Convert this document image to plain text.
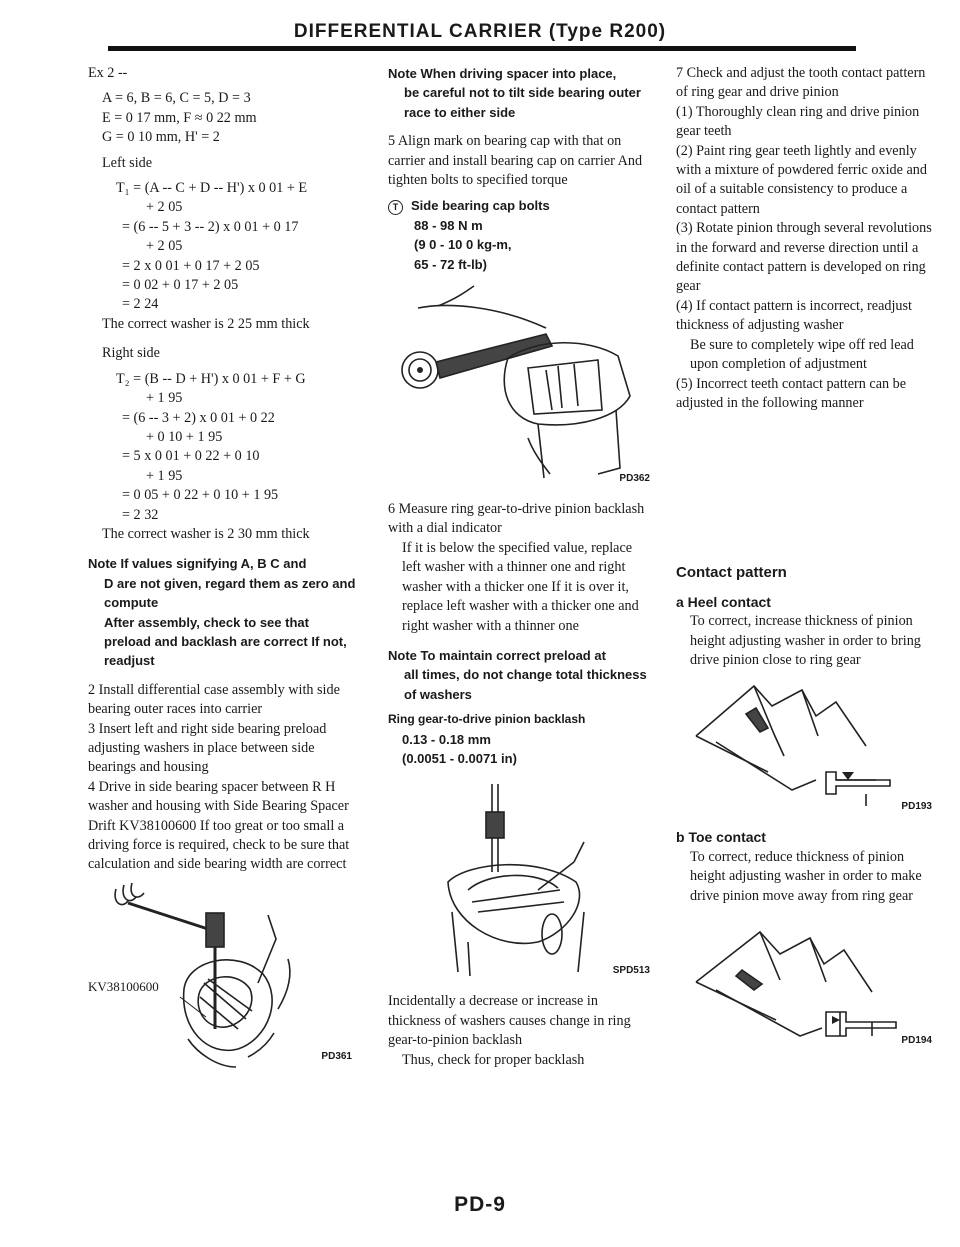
DIFFERENTIAL CARRIER (Type R200)

Ex 2 --

A = 6, B = 6, C = 5, D = 3

E = 0 17 mm, F ≈ 0 22 mm

G = 0 10 mm, H' = 2

Left side

T₁ = (A -- C + D -- H') x 0 01 + E

+ 2 05

= (6 -- 5 + 3 -- 2) x 0 01 + 0 17

+ 2 05

= 2 x 0 01 + 0 17 + 2 05

= 0 02 + 0 17 + 2 05

= 2 24

The correct washer is 2 25 mm thick

Right side

T₂ = (B -- D + H') x 0 01 + F + G

+ 1 95

= (6 -- 3 + 2) x 0 01 + 0 22

+ 0 10 + 1 95

= 5 x 0 01 + 0 22 + 0 10

+ 1 95

= 0 05 + 0 22 + 0 10 + 1 95

= 2 32

The correct washer is 2 30 mm thick

Note If values signifying A, B C and

D are not given, regard them as zero and compute

After assembly, check to see that preload and backlash are correct If not, readjust

2 Install differential case assembly with side bearing outer races into carrier

3 Insert left and right side bearing preload adjusting washers in place between side bearings and housing

4 Drive in side bearing spacer between R H washer and housing with Side Bearing Spacer Drift KV38100600 If too great or too small a driving force is required, check to be sure that calculation and side bearing width are correct

KV38100600
PD361

Note When driving spacer into place,

be careful not to tilt side bearing outer race to either side

5 Align mark on bearing cap with that on carrier and install bearing cap on carrier And tighten bolts to specified torque

T Side bearing cap bolts

88 - 98 N m

(9 0 - 10 0 kg-m,

65 - 72 ft-lb)

PD362

6 Measure ring gear-to-drive pinion backlash with a dial indicator

If it is below the specified value, replace left washer with a thinner one and right washer with a thicker one If it is over it, replace left washer with a thicker one and right washer with a thinner one

Note To maintain correct preload at

all times, do not change total thickness of washers

Ring gear-to-drive pinion backlash

0.13 - 0.18 mm

(0.0051 - 0.0071 in)

SPD513

Incidentally a decrease or increase in thickness of washers causes change in ring gear-to-pinion backlash

Thus, check for proper backlash

7 Check and adjust the tooth contact pattern of ring gear and drive pinion

(1) Thoroughly clean ring and drive pinion gear teeth

(2) Paint ring gear teeth lightly and evenly with a mixture of powdered ferric oxide and oil of a suitable consistency to produce a contact pattern

(3) Rotate pinion through several revolutions in the forward and reverse direction until a definite contact pattern is developed on ring gear

(4) If contact pattern is incorrect, readjust thickness of adjusting washer

Be sure to completely wipe off red lead upon completion of adjustment

(5) Incorrect teeth contact pattern can be adjusted in the following manner

Contact pattern

a Heel contact

To correct, increase thickness of pinion height adjusting washer in order to bring drive pinion close to ring gear

PD193

b Toe contact

To correct, reduce thickness of pinion height adjusting washer in order to make drive pinion move away from ring gear

PD194
PD-9
